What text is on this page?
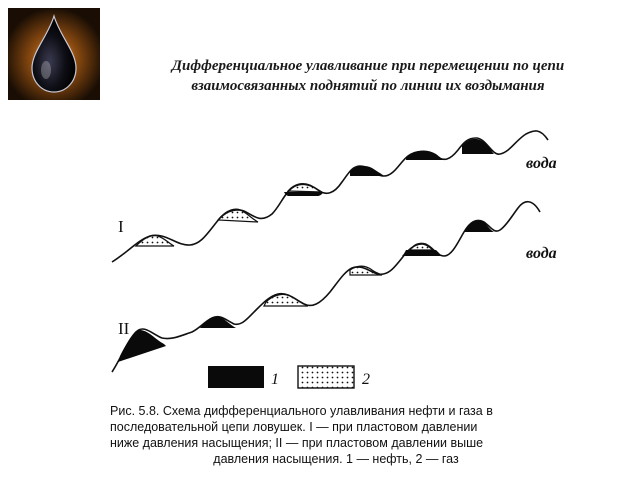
Дифференциальное улавливание при перемещении по цепи
взаимосвязанных поднятий по линии их воздымания
I
II
вода
вода
1	2
Рис. 5.8. Схема дифференциального улавливания нефти и газа в
последовательной цепи ловушек. I — при пластовом давлении
ниже давления насыщения; II — при пластовом давлении выше
давления насыщения. 1 — нефть, 2 — газ
